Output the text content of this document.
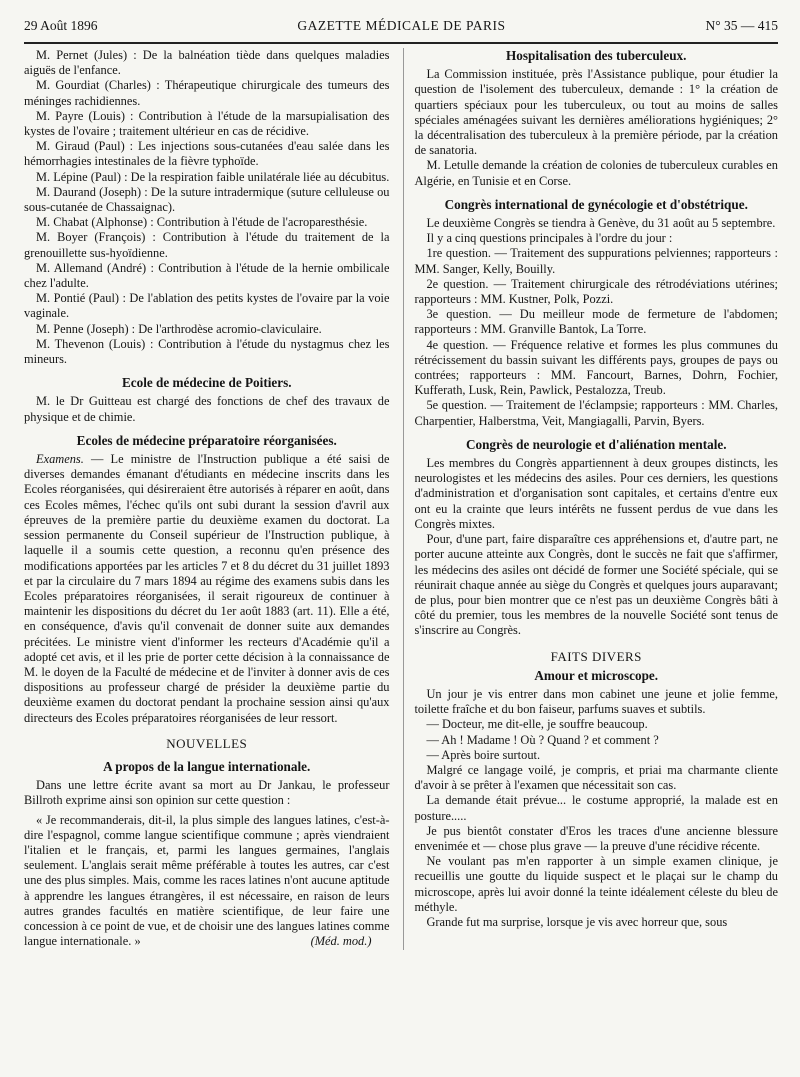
29 Août 1896	GAZETTE MÉDICALE DE PARIS	N° 35 — 415

M. Pernet (Jules) : De la balnéation tiède dans quelques maladies aiguës de l'enfance.

M. Gourdiat (Charles) : Thérapeutique chirurgicale des tumeurs des méninges rachidiennes.

M. Payre (Louis) : Contribution à l'étude de la marsupialisation des kystes de l'ovaire ; traitement ultérieur en cas de récidive.

M. Giraud (Paul) : Les injections sous-cutanées d'eau salée dans les hémorrhagies intestinales de la fièvre typhoïde.

M. Lépine (Paul) : De la respiration faible unilatérale liée au décubitus.

M. Daurand (Joseph) : De la suture intradermique (suture celluleuse ou sous-cutanée de Chassaignac).

M. Chabat (Alphonse) : Contribution à l'étude de l'acroparesthésie.

M. Boyer (François) : Contribution à l'étude du traitement de la grenouillette sus-hyoïdienne.

M. Allemand (André) : Contribution à l'étude de la hernie ombilicale chez l'adulte.

M. Pontié (Paul) : De l'ablation des petits kystes de l'ovaire par la voie vaginale.

M. Penne (Joseph) : De l'arthrodèse acromio-claviculaire.

M. Thevenon (Louis) : Contribution à l'étude du nystagmus chez les mineurs.

Ecole de médecine de Poitiers.

M. le Dr Guitteau est chargé des fonctions de chef des travaux de physique et de chimie.

Ecoles de médecine préparatoire réorganisées.

Examens. — Le ministre de l'Instruction publique a été saisi de diverses demandes émanant d'étudiants en médecine inscrits dans les Ecoles réorganisées, qui désireraient être autorisés à réparer en août, dans ces Ecoles mêmes, l'échec qu'ils ont subi durant la session d'avril aux épreuves de la première partie du deuxième examen du doctorat. La session permanente du Conseil supérieur de l'Instruction publique, à laquelle il a soumis cette question, a reconnu qu'en présence des modifications apportées par les articles 7 et 8 du décret du 31 juillet 1893 et par la circulaire du 7 mars 1894 au régime des examens subis dans les Ecoles préparatoires réorganisées, il serait rigoureux de continuer à maintenir les dispositions du décret du 1er août 1883 (art. 11). Elle a été, en conséquence, d'avis qu'il convenait de donner suite aux demandes précitées. Le ministre vient d'informer les recteurs d'Académie qu'il a adopté cet avis, et il les prie de porter cette décision à la connaissance de M. le doyen de la Faculté de médecine et de l'inviter à donner avis de ces dispositions au professeur chargé de présider la deuxième partie du deuxième examen du doctorat pendant la prochaine session ainsi qu'aux directeurs des Ecoles préparatoires réorganisées de leur ressort.

NOUVELLES
A propos de la langue internationale.

Dans une lettre écrite avant sa mort au Dr Jankau, le professeur Billroth exprime ainsi son opinion sur cette question :

« Je recommanderais, dit-il, la plus simple des langues latines, c'est-à-dire l'espagnol, comme langue scientifique commune ; après viendraient l'italien et le français, et, parmi les langues germaines, l'anglais seulement. L'anglais serait même préférable à toutes les autres, car c'est une des plus simples. Mais, comme les races latines n'ont aucune aptitude à apprendre les langues étrangères, il est nécessaire, en raison de leurs autres grandes facultés en matière scientifique, de leur faire une concession à ce point de vue, et de choisir une des langues latines comme langue internationale. »	(Méd. mod.)
Hospitalisation des tuberculeux.

La Commission instituée, près l'Assistance publique, pour étudier la question de l'isolement des tuberculeux, demande : 1° la création de quartiers spéciaux pour les tuberculeux, ou tout au moins de salles spéciales aménagées suivant les dernières améliorations hygiéniques; 2° la décentralisation des tuberculeux à la première période, par la création de sanatoria.

M. Letulle demande la création de colonies de tuberculeux curables en Algérie, en Tunisie et en Corse.

Congrès international de gynécologie et d'obstétrique.

Le deuxième Congrès se tiendra à Genève, du 31 août au 5 septembre.

Il y a cinq questions principales à l'ordre du jour :

1re question. — Traitement des suppurations pelviennes; rapporteurs : MM. Sanger, Kelly, Bouilly.

2e question. — Traitement chirurgicale des rétrodéviations utérines; rapporteurs : MM. Kustner, Polk, Pozzi.

3e question. — Du meilleur mode de fermeture de l'abdomen; rapporteurs : MM. Granville Bantok, La Torre.

4e question. — Fréquence relative et formes les plus communes du rétrécissement du bassin suivant les différents pays, groupes de pays ou contrées; rapporteurs : MM. Fancourt, Barnes, Dohrn, Fochier, Kufferath, Lusk, Rein, Pawlick, Pestalozza, Treub.

5e question. — Traitement de l'éclampsie; rapporteurs : MM. Charles, Charpentier, Halberstma, Veit, Mangiagalli, Parvin, Byers.

Congrès de neurologie et d'aliénation mentale.

Les membres du Congrès appartiennent à deux groupes distincts, les neurologistes et les médecins des asiles. Pour ces derniers, les questions d'administration et d'organisation sont capitales, et certains d'entre eux ont eu la crainte que leurs intérêts ne fussent perdus de vue dans les Congrès mixtes.

Pour, d'une part, faire disparaître ces appréhensions et, d'autre part, ne porter aucune atteinte aux Congrès, dont le succès ne fait que s'affirmer, les médecins des asiles ont décidé de former une Société spéciale, qui se réunirait chaque année au siège du Congrès et quelques jours auparavant; de plus, pour bien montrer que ce n'est pas un deuxième Congrès bâti à côté du premier, tous les membres de la nouvelle Société sont tenus de s'inscrire au Congrès.

FAITS DIVERS
Amour et microscope.

Un jour je vis entrer dans mon cabinet une jeune et jolie femme, toilette fraîche et du bon faiseur, parfums suaves et subtils.

— Docteur, me dit-elle, je souffre beaucoup.

— Ah ! Madame ! Où ? Quand ? et comment ?

— Après boire surtout.

Malgré ce langage voilé, je compris, et priai ma charmante cliente d'avoir à se prêter à l'examen que nécessitait son cas.

La demande était prévue... le costume approprié, la malade est en posture.....

Je pus bientôt constater d'Eros les traces d'une ancienne blessure envenimée et — chose plus grave — la preuve d'une récidive récente.

Ne voulant pas m'en rapporter à un simple examen clinique, je recueillis une goutte du liquide suspect et le plaçai sur le champ du microscope, après lui avoir donné la teinte idéalement céleste du bleu de méthyle.

Grande fut ma surprise, lorsque je vis avec horreur que, sous
